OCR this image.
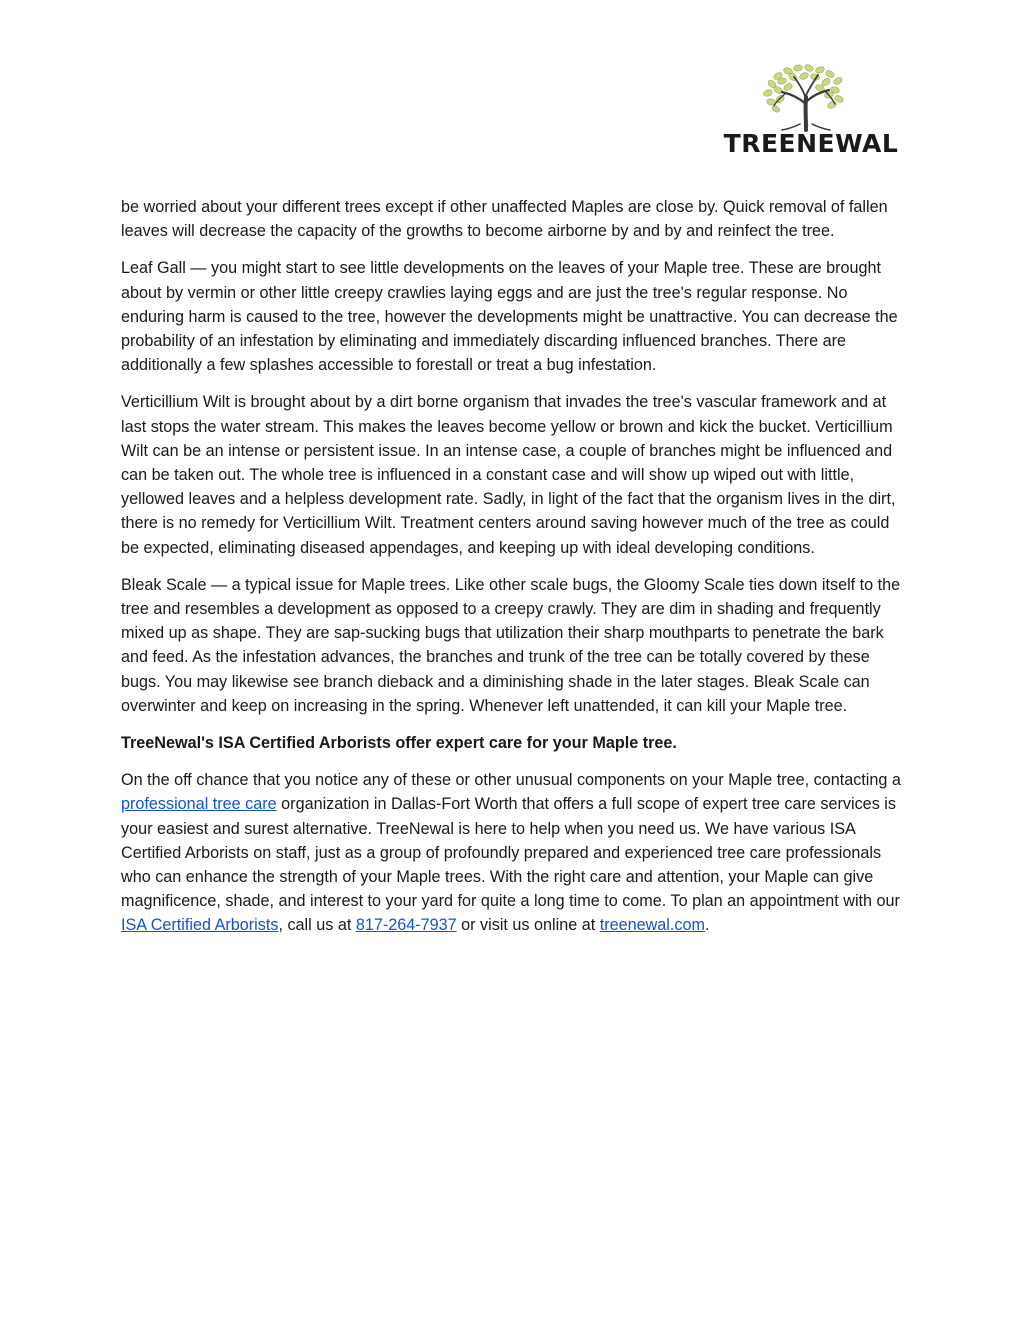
TREENEWAL

be worried about your different trees except if other unaffected Maples are close by. Quick removal of fallen leaves will decrease the capacity of the growths to become airborne by and by and reinfect the tree.

Leaf Gall — you might start to see little developments on the leaves of your Maple tree. These are brought about by vermin or other little creepy crawlies laying eggs and are just the tree's regular response. No enduring harm is caused to the tree, however the developments might be unattractive. You can decrease the probability of an infestation by eliminating and immediately discarding influenced branches. There are additionally a few splashes accessible to forestall or treat a bug infestation.

Verticillium Wilt is brought about by a dirt borne organism that invades the tree's vascular framework and at last stops the water stream. This makes the leaves become yellow or brown and kick the bucket. Verticillium Wilt can be an intense or persistent issue. In an intense case, a couple of branches might be influenced and can be taken out. The whole tree is influenced in a constant case and will show up wiped out with little, yellowed leaves and a helpless development rate. Sadly, in light of the fact that the organism lives in the dirt, there is no remedy for Verticillium Wilt. Treatment centers around saving however much of the tree as could be expected, eliminating diseased appendages, and keeping up with ideal developing conditions.

Bleak Scale — a typical issue for Maple trees. Like other scale bugs, the Gloomy Scale ties down itself to the tree and resembles a development as opposed to a creepy crawly. They are dim in shading and frequently mixed up as shape. They are sap-sucking bugs that utilization their sharp mouthparts to penetrate the bark and feed. As the infestation advances, the branches and trunk of the tree can be totally covered by these bugs. You may likewise see branch dieback and a diminishing shade in the later stages. Bleak Scale can overwinter and keep on increasing in the spring. Whenever left unattended, it can kill your Maple tree.

TreeNewal's ISA Certified Arborists offer expert care for your Maple tree.

On the off chance that you notice any of these or other unusual components on your Maple tree, contacting a professional tree care organization in Dallas-Fort Worth that offers a full scope of expert tree care services is your easiest and surest alternative. TreeNewal is here to help when you need us. We have various ISA Certified Arborists on staff, just as a group of profoundly prepared and experienced tree care professionals who can enhance the strength of your Maple trees. With the right care and attention, your Maple can give magnificence, shade, and interest to your yard for quite a long time to come. To plan an appointment with our ISA Certified Arborists, call us at 817-264-7937 or visit us online at treenewal.com.
